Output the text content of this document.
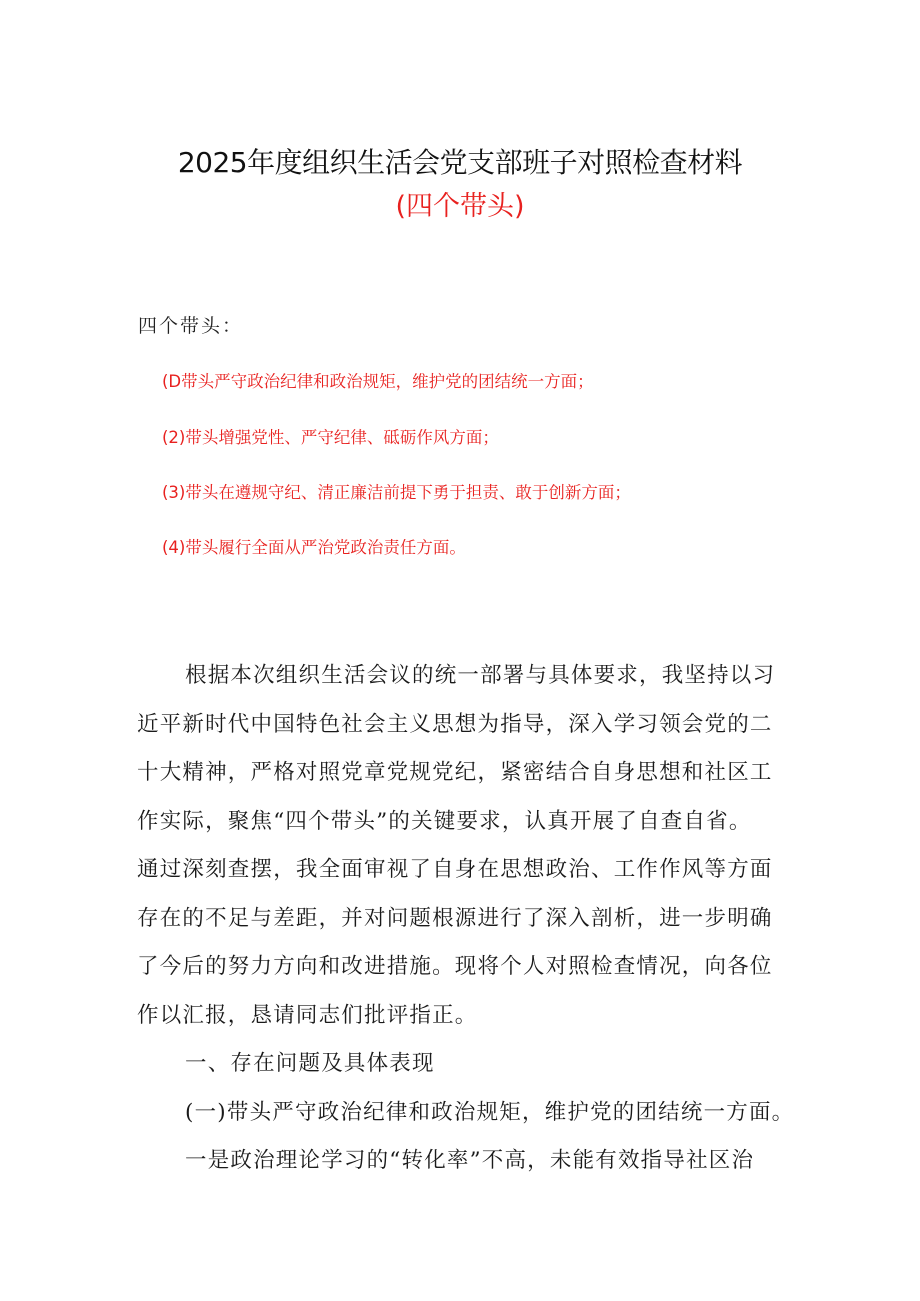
2025年度组织生活会党支部班子对照检查材料
(四个带头)
四个带头：
(D带头严守政治纪律和政治规矩，维护党的团结统一方面；
(2)带头增强党性、严守纪律、砥砺作风方面；
(3)带头在遵规守纪、清正廉洁前提下勇于担责、敢于创新方面；
(4)带头履行全面从严治党政治责任方面。
根据本次组织生活会议的统一部署与具体要求，我坚持以习
近平新时代中国特色社会主义思想为指导，深入学习领会党的二
十大精神，严格对照党章党规党纪，紧密结合自身思想和社区工
作实际，聚焦“四个带头”的关键要求，认真开展了自查自省。
通过深刻查摆，我全面审视了自身在思想政治、工作作风等方面
存在的不足与差距，并对问题根源进行了深入剖析，进一步明确
了今后的努力方向和改进措施。现将个人对照检查情况，向各位
作以汇报，恳请同志们批评指正。
一、存在问题及具体表现
(一)带头严守政治纪律和政治规矩，维护党的团结统一方面。
一是政治理论学习的“转化率”不高，未能有效指导社区治
